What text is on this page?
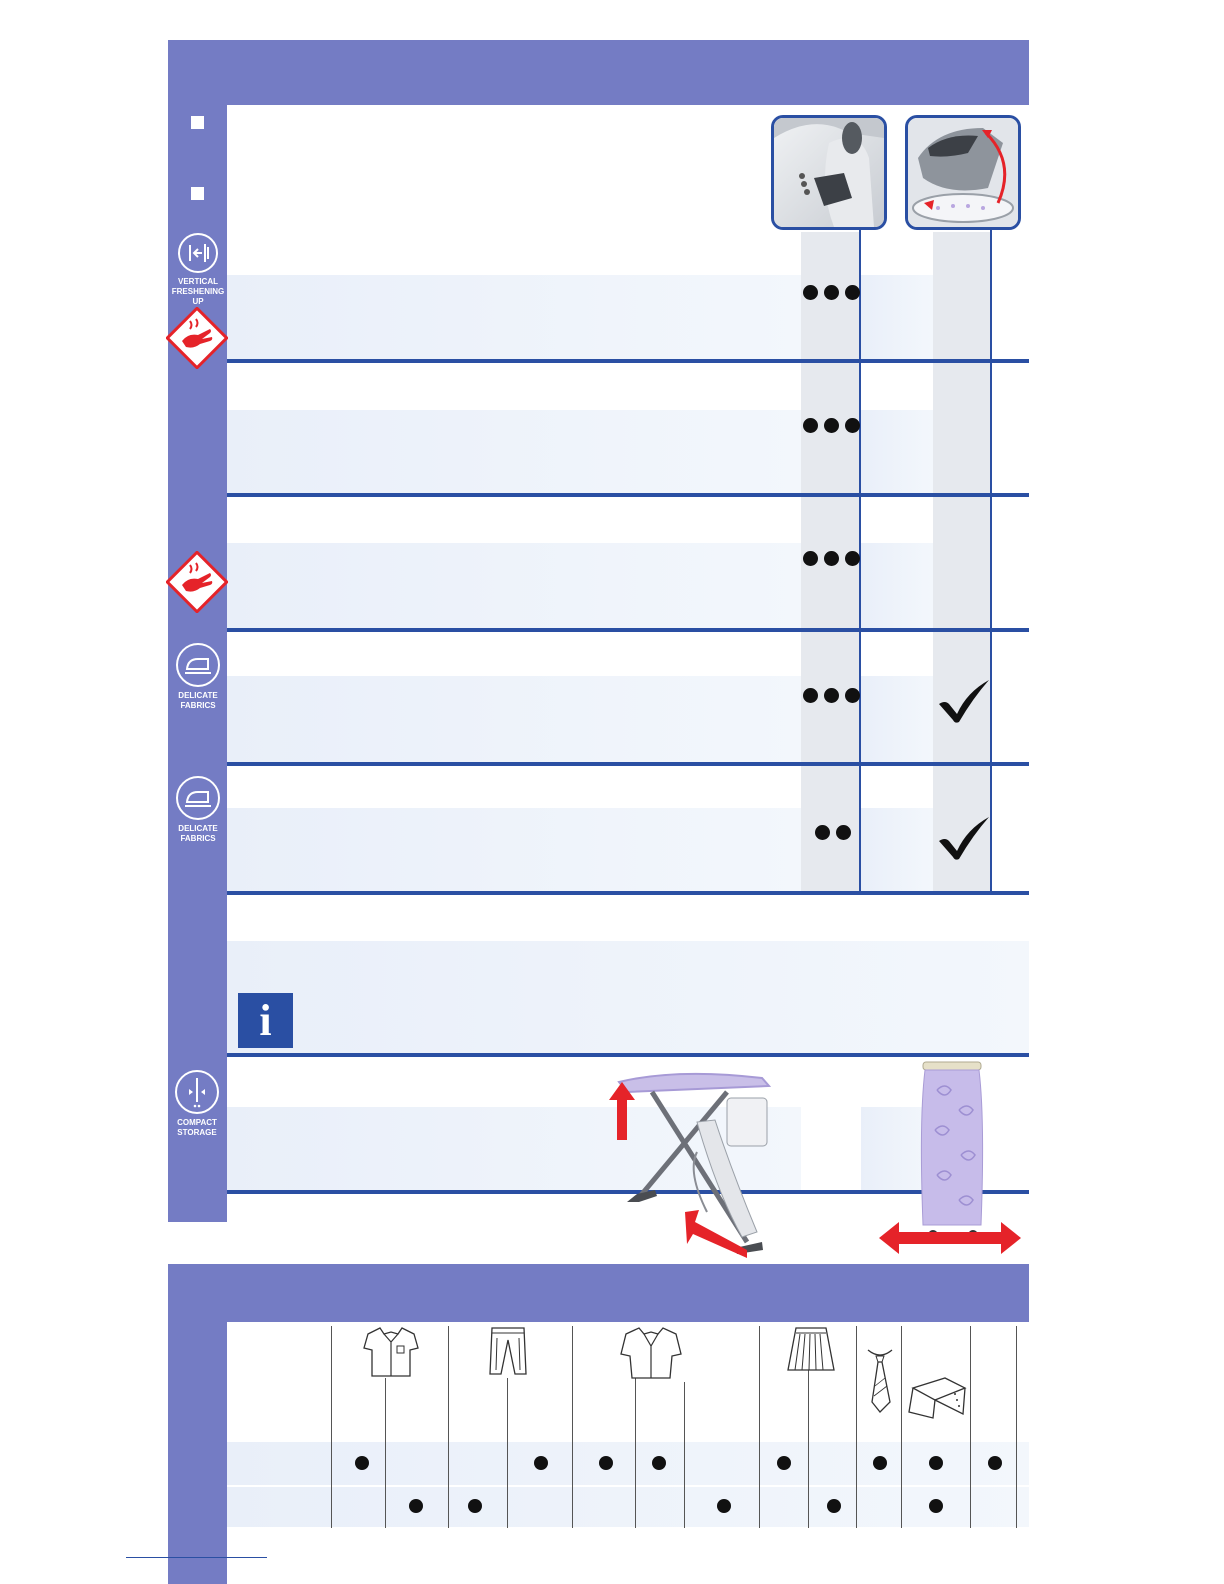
VERTICAL FRESHENING UP
DELICATE FABRICS
DELICATE FABRICS
COMPACT STORAGE
i
